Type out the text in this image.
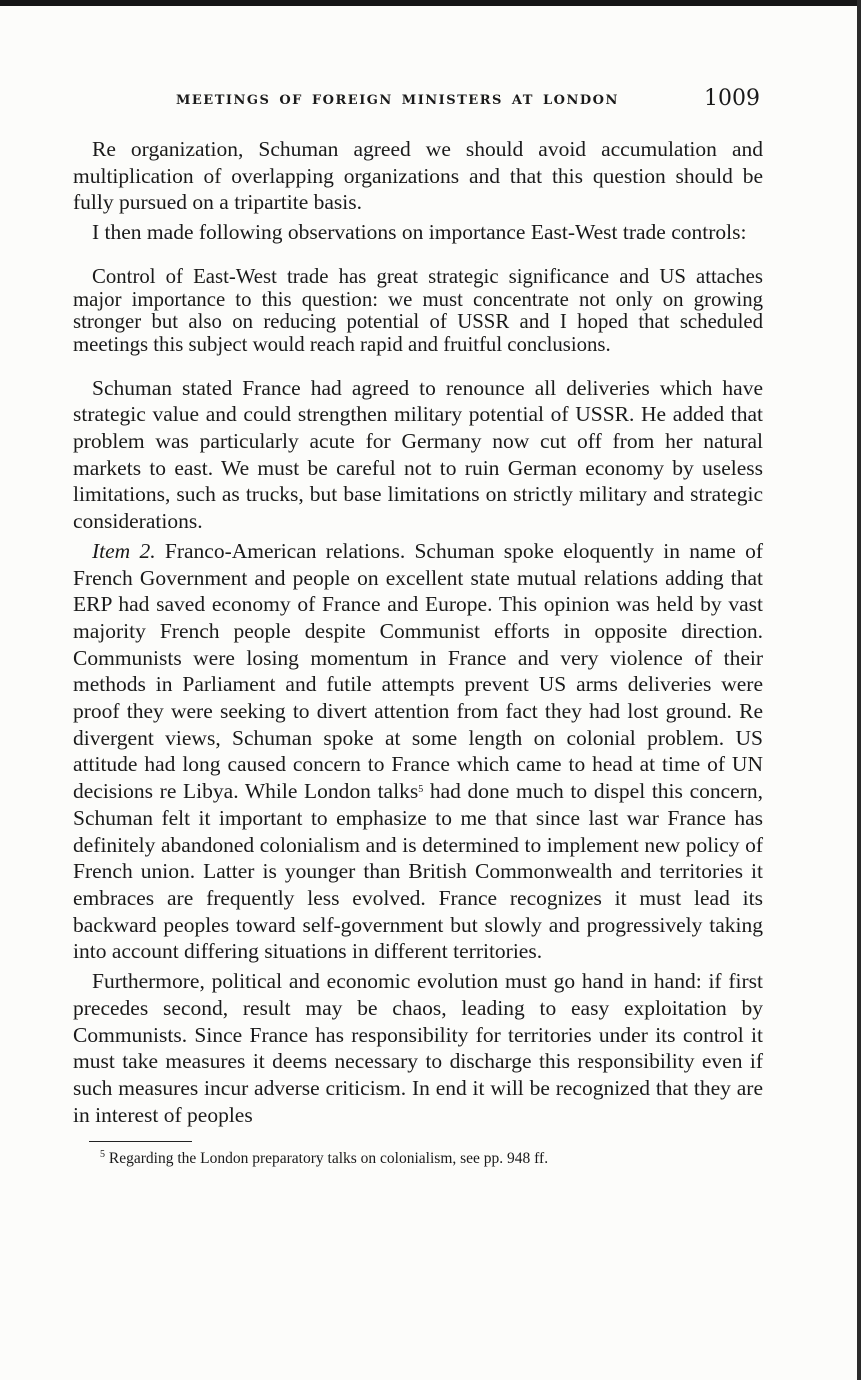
MEETINGS OF FOREIGN MINISTERS AT LONDON	1009

Re organization, Schuman agreed we should avoid accumulation and multiplication of overlapping organizations and that this question should be fully pursued on a tripartite basis.

I then made following observations on importance East-West trade controls:

Control of East-West trade has great strategic significance and US attaches major importance to this question: we must concentrate not only on growing stronger but also on reducing potential of USSR and I hoped that scheduled meetings this subject would reach rapid and fruitful conclusions.

Schuman stated France had agreed to renounce all deliveries which have strategic value and could strengthen military potential of USSR. He added that problem was particularly acute for Germany now cut off from her natural markets to east. We must be careful not to ruin German economy by useless limitations, such as trucks, but base limitations on strictly military and strategic considerations.

Item 2. Franco-American relations. Schuman spoke eloquently in name of French Government and people on excellent state mutual relations adding that ERP had saved economy of France and Europe. This opinion was held by vast majority French people despite Communist efforts in opposite direction. Communists were losing momentum in France and very violence of their methods in Parliament and futile attempts prevent US arms deliveries were proof they were seeking to divert attention from fact they had lost ground. Re divergent views, Schuman spoke at some length on colonial problem. US attitude had long caused concern to France which came to head at time of UN decisions re Libya. While London talks$^5$ had done much to dispel this concern, Schuman felt it important to emphasize to me that since last war France has definitely abandoned colonialism and is determined to implement new policy of French union. Latter is younger than British Commonwealth and territories it embraces are frequently less evolved. France recognizes it must lead its backward peoples toward self-government but slowly and progressively taking into account differing situations in different territories.

Furthermore, political and economic evolution must go hand in hand: if first precedes second, result may be chaos, leading to easy exploitation by Communists. Since France has responsibility for territories under its control it must take measures it deems necessary to discharge this responsibility even if such measures incur adverse criticism. In end it will be recognized that they are in interest of peoples

$^5$ Regarding the London preparatory talks on colonialism, see pp. 948 ff.
